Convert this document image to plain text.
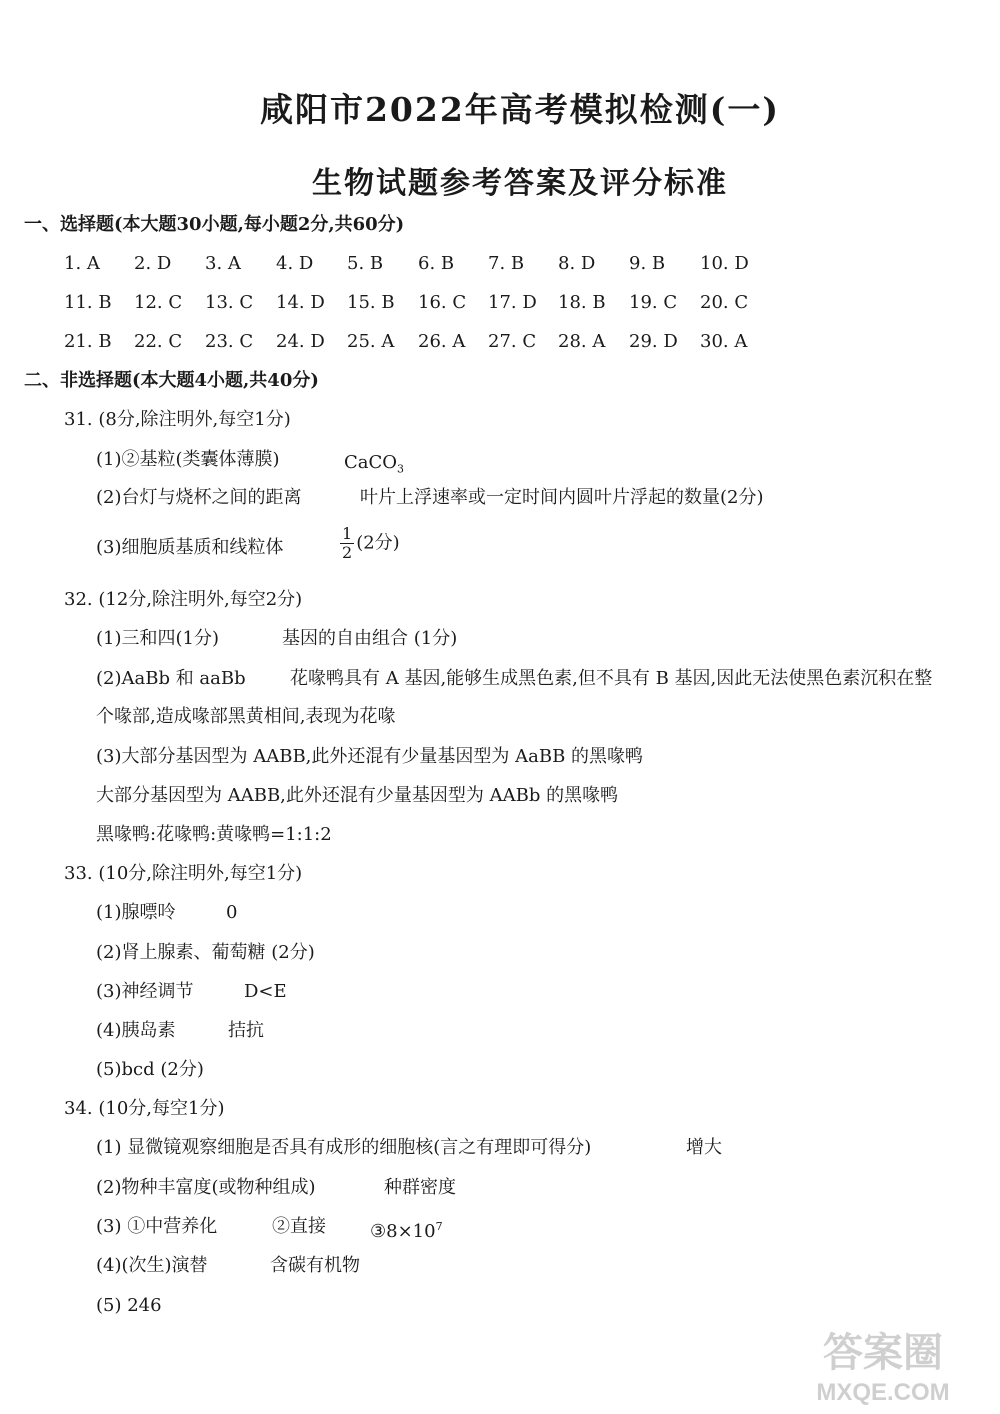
咸阳市2022年高考模拟检测(一)
生物试题参考答案及评分标准
一、选择题(本大题30小题,每小题2分,共60分)
1. A 2. D 3. A 4. D 5. B 6. B 7. B 8. D 9. B 10. D
11. B 12. C 13. C 14. D 15. B 16. C 17. D 18. B 19. C 20. C
21. B 22. C 23. C 24. D 25. A 26. A 27. C 28. A 29. D 30. A
二、非选择题(本大题4小题,共40分)
31. (8分,除注明外,每空1分)
(1)②基粒(类囊体薄膜)	CaCO$_3$
(2)台灯与烧杯之间的距离	叶片上浮速率或一定时间内圆叶片浮起的数量(2分)
(3)细胞质基质和线粒体	$\frac{1}{2} (2$分)
32. (12分,除注明外,每空2分)
(1)三和四(1分)	基因的自由组合 (1分)
(2)AaBb 和 aaBb 花喙鸭具有 A 基因,能够生成黑色素,但不具有 B 基因,因此无法使黑色素沉积在整
个喙部,造成喙部黑黄相间,表现为花喙
(3)大部分基因型为 AABB,此外还混有少量基因型为 AaBB 的黑喙鸭
大部分基因型为 AABB,此外还混有少量基因型为 AABb 的黑喙鸭
黑喙鸭:花喙鸭:黄喙鸭=1:1:2
33. (10分,除注明外,每空1分)
(1)腺嘌呤	0
(2)肾上腺素、葡萄糖 (2分)
(3)神经调节	D<E
(4)胰岛素	拮抗
(5)bcd (2分)
34. (10分,每空1分)
(1) 显微镜观察细胞是否具有成形的细胞核(言之有理即可得分)	增大
(2)物种丰富度(或物种组成)	种群密度
(3) ①中营养化	②直接 $③8\times 10^7$
(4)(次生)演替	含碳有机物
(5) 246
答案圈
MXQE.COM
